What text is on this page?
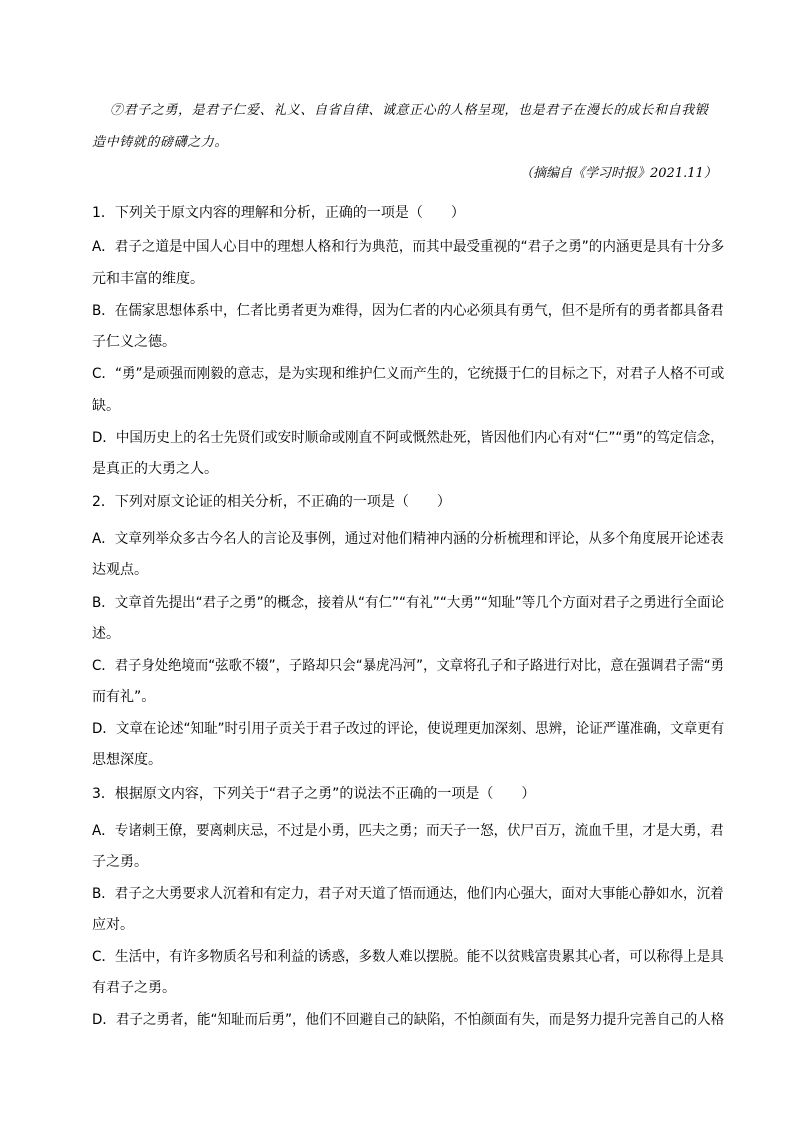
⑦君子之勇，是君子仁爱、礼义、自省自律、诚意正心的人格呈现，也是君子在漫长的成长和自我锻
造中铸就的磅礴之力。
（摘编自《学习时报》2021.11）
1．下列关于原文内容的理解和分析，正确的一项是（　　）
A．君子之道是中国人心目中的理想人格和行为典范，而其中最受重视的“君子之勇”的内涵更是具有十分多
元和丰富的维度。
B．在儒家思想体系中，仁者比勇者更为难得，因为仁者的内心必须具有勇气，但不是所有的勇者都具备君
子仁义之德。
C．“勇”是顽强而刚毅的意志，是为实现和维护仁义而产生的，它统摄于仁的目标之下，对君子人格不可或
缺。
D．中国历史上的名士先贤们或安时顺命或刚直不阿或慨然赴死，皆因他们内心有对“仁”“勇”的笃定信念，
是真正的大勇之人。
2．下列对原文论证的相关分析，不正确的一项是（　　）
A．文章列举众多古今名人的言论及事例，通过对他们精神内涵的分析梳理和评论，从多个角度展开论述表
达观点。
B．文章首先提出“君子之勇”的概念，接着从“有仁”“有礼”“大勇”“知耻”等几个方面对君子之勇进行全面论
述。
C．君子身处绝境而“弦歌不辍”，子路却只会“暴虎冯河”，文章将孔子和子路进行对比，意在强调君子需“勇
而有礼”。
D．文章在论述“知耻”时引用子贡关于君子改过的评论，使说理更加深刻、思辨，论证严谨准确，文章更有
思想深度。
3．根据原文内容，下列关于“君子之勇”的说法不正确的一项是（　　）
A．专诸刺王僚，要离刺庆忌，不过是小勇，匹夫之勇；而天子一怒，伏尸百万，流血千里，才是大勇，君
子之勇。
B．君子之大勇要求人沉着和有定力，君子对天道了悟而通达，他们内心强大，面对大事能心静如水，沉着
应对。
C．生活中，有许多物质名号和利益的诱惑，多数人难以摆脱。能不以贫贱富贵累其心者，可以称得上是具
有君子之勇。
D．君子之勇者，能“知耻而后勇”，他们不回避自己的缺陷，不怕颜面有失，而是努力提升完善自己的人格
